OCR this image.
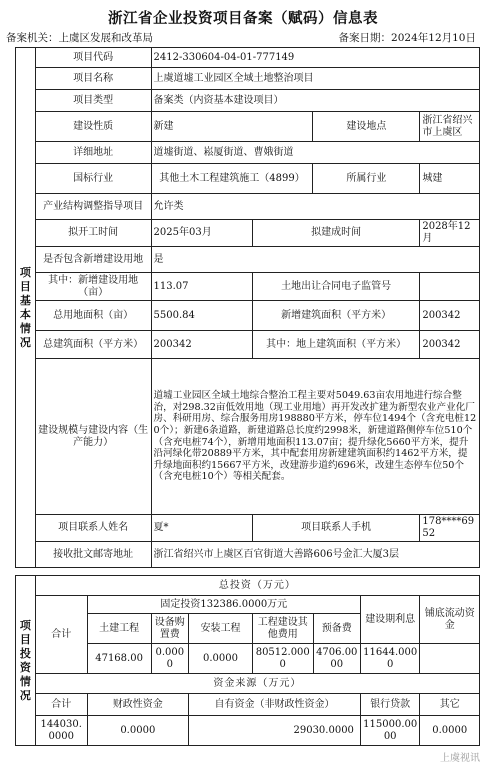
浙江省企业投资项目备案（赋码）信息表
备案机关：上虞区发展和改革局	备案日期：2024年12月10日
项目基本情况	项目代码	2412-330604-04-01-777149			
	项目名称	上虞道墟工业园区全域土地整治项目			
	项目类型	备案类（内资基本建设项目）			
	建设性质	新建		建设地点	浙江省绍兴市上虞区
	详细地址	道墟街道、崧厦街道、曹娥街道			
	国标行业	其他土木工程建筑施工（4899）		所属行业	城建
	产业结构调整指导项目	允许类			
	拟开工时间	2025年03月	拟建成时间		2028年12月
	是否包含新增建设用地	是			
	其中：新增建设用地（亩）	113.07	土地出让合同电子监管号		
	总用地面积（亩）	5500.84	新增建筑面积（平方米）		200342
	总建筑面积（平方米）	200342	其中：地上建筑面积（平方米）		200342
	建设规模与建设内容（生产能力）	道墟工业园区全域土地综合整治工程主要对5049.63亩农用地进行综合整治，对298.32亩低效用地（现工业用地）再开发改扩建为新型农业产业化厂房、科研用房、综合服务用房198880平方米，停车位1494个（含充电桩120个）；新建6条道路，新建道路总长度约2998米，新建道路侧停车位510个（含充电桩74个），新增用地面积113.07亩；提升绿化5660平方米，提升沿河绿化带20889平方米，其中配套用房新建建筑面积约1462平方米，提升绿地面积约15667平方米，改建游步道约696米，改建生态停车位50个（含充电桩10个）等相关配套。			
	项目联系人姓名	夏*	项目联系人手机		178****6952
	接收批文邮寄地址	浙江省绍兴市上虞区百官街道大善路606号金汇大厦3层			
项目投资情况	总投资（万元）							
	合计	固定投资132386.0000万元					建设期利息	铺底流动资金
		土建工程	设备购置费	安装工程	工程建设其他费用	预备费		
		47168.00	0.0000	0.0000	80512.0000	4706.0000	11644.0000	
	资金来源（万元）							
	合计	财政性资金		自有资金（非财政性资金）			银行贷款	其它
	144030.0000	0.0000		29030.0000			115000.0000	0.0000
上虞视讯
